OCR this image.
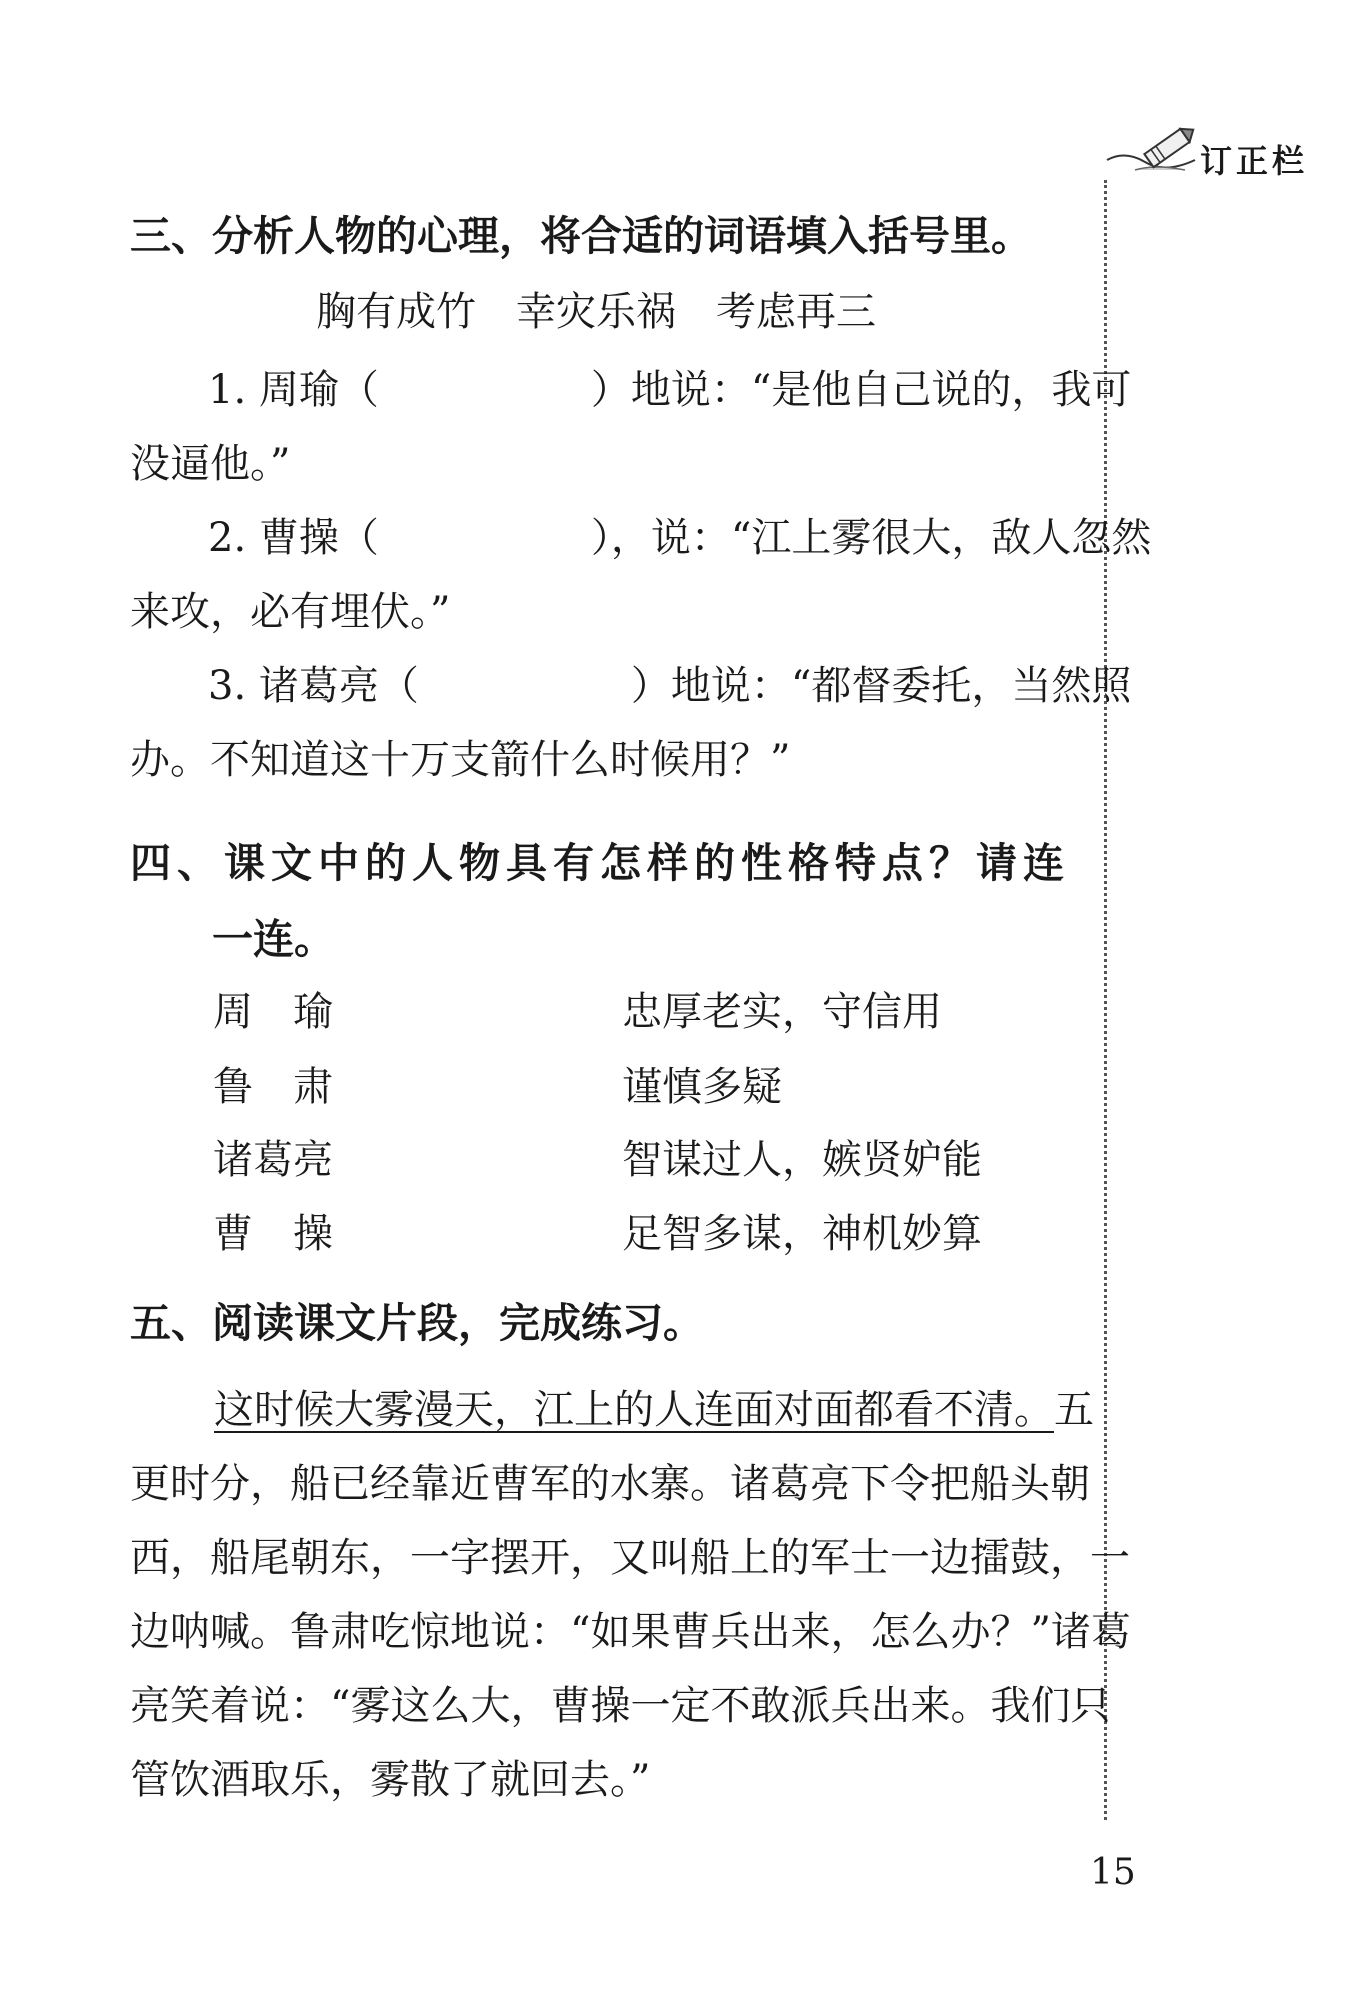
订正栏
三、分析人物的心理，将合适的词语填入括号里。
胸有成竹　幸灾乐祸　考虑再三
1. 周瑜（	）地说：“是他自己说的，我可
没逼他。”
2. 曹操（	），说：“江上雾很大，敌人忽然
来攻，必有埋伏。”
3. 诸葛亮（	）地说：“都督委托，当然照
办。不知道这十万支箭什么时候用？”
四、课文中的人物具有怎样的性格特点？请连
一连。
周　瑜	忠厚老实，守信用
鲁　肃	谨慎多疑
诸葛亮	智谋过人，嫉贤妒能
曹　操	足智多谋，神机妙算
五、阅读课文片段，完成练习。
这时候大雾漫天，江上的人连面对面都看不清。五
更时分，船已经靠近曹军的水寨。诸葛亮下令把船头朝
西，船尾朝东，一字摆开，又叫船上的军士一边擂鼓，一
边呐喊。鲁肃吃惊地说：“如果曹兵出来，怎么办？”诸葛
亮笑着说：“雾这么大，曹操一定不敢派兵出来。我们只
管饮酒取乐，雾散了就回去。”
15
